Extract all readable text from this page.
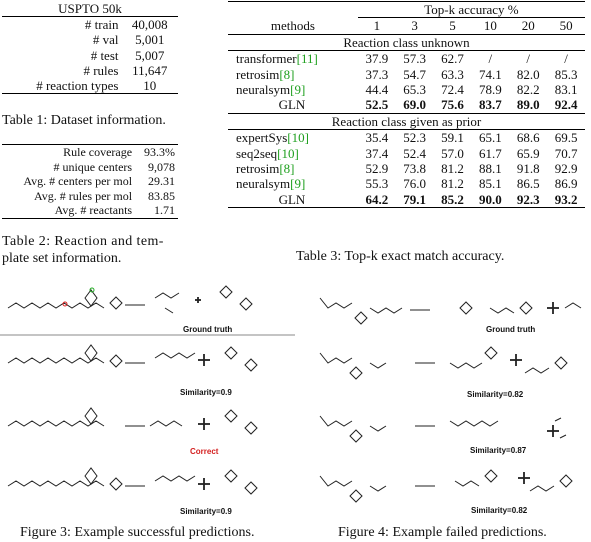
USPTO 50k	
# train	40,008
# val	5,001
# test	5,007
# rules	11,647
# reaction types	10
Table 1: Dataset information.
Rule coverage	93.3%
# unique centers	9,078
Avg. # centers per mol	29.31
Avg. # rules per mol	83.85
Avg. # reactants	1.71
Table 2: Reaction and tem-
plate set information.
	Top-k accuracy %					
methods	1	3	5	10	20	50
Reaction class unknown						
transformer[11]	37.9	57.3	62.7	/	/	/
retrosim[8]	37.3	54.7	63.3	74.1	82.0	85.3
neuralsym[9]	44.4	65.3	72.4	78.9	82.2	83.1
GLN	52.5	69.0	75.6	83.7	89.0	92.4
Reaction class given as prior						
expertSys[10]	35.4	52.3	59.1	65.1	68.6	69.5
seq2seq[10]	37.4	52.4	57.0	61.7	65.9	70.7
retrosim[8]	52.9	73.8	81.2	88.1	91.8	92.9
neuralsym[9]	55.3	76.0	81.2	85.1	86.5	86.9
GLN	64.2	79.1	85.2	90.0	92.3	93.2
Table 3: Top-k exact match accuracy.
Ground truth
Similarity=0.9
Correct
Similarity=0.9
Figure 3: Example successful predictions.
Ground truth
Similarity=0.82
Similarity=0.87
Similarity=0.82
Figure 4: Example failed predictions.
